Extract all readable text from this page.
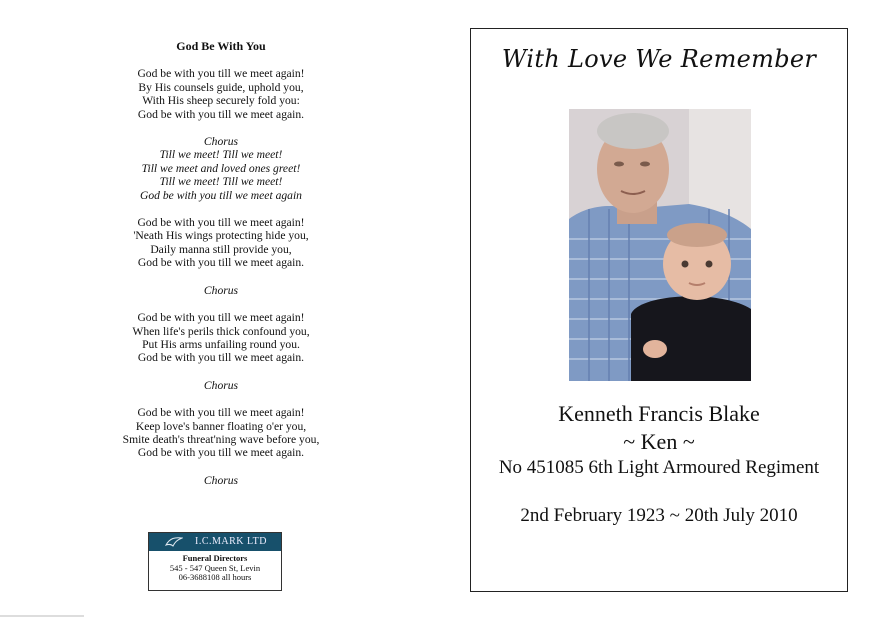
God Be With You
God be with you till we meet again!
By His counsels guide, uphold you,
With His sheep securely fold you:
God be with you till we meet again.
Chorus
Till we meet! Till we meet!
Till we meet and loved ones greet!
Till we meet! Till we meet!
God be with you till we meet again
God be with you till we meet again!
'Neath His wings protecting hide you,
Daily manna still provide you,
God be with you till we meet again.
Chorus
God be with you till we meet again!
When life's perils thick confound you,
Put His arms unfailing round you.
God be with you till we meet again.
Chorus
God be with you till we meet again!
Keep love's banner floating o'er you,
Smite death's threat'ning wave before you,
God be with you till we meet again.
Chorus
I.C.MARK LTD
Funeral Directors
545 - 547 Queen St, Levin
06-3688108 all hours
With Love We Remember
Kenneth Francis Blake
~ Ken ~
No 451085 6th Light Armoured Regiment
2nd February 1923 ~ 20th July 2010
